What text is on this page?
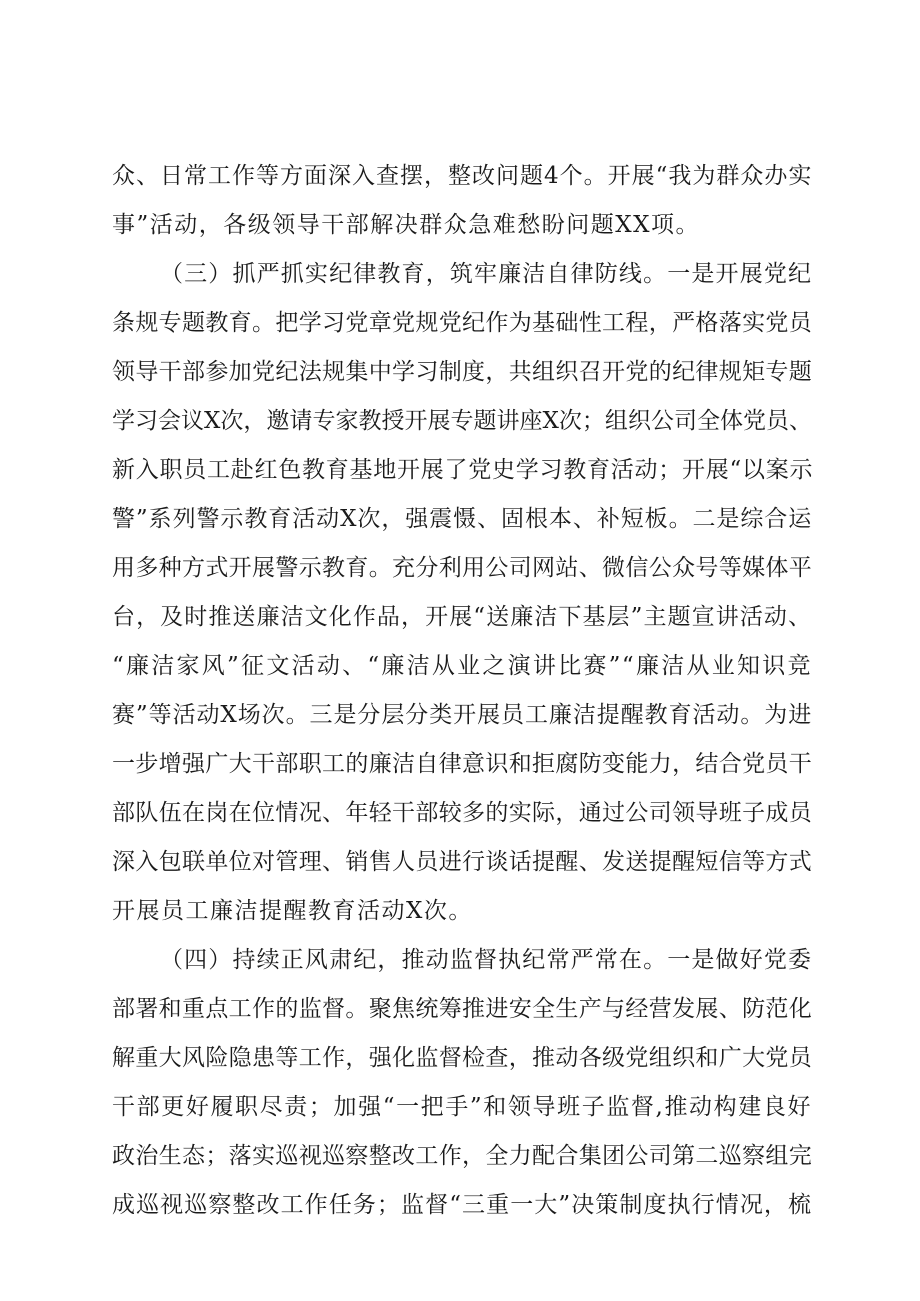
众、日常工作等方面深入查摆，整改问题4个。开展“我为群众办实
事”活动，各级领导干部解决群众急难愁盼问题XX项。
（三）抓严抓实纪律教育，筑牢廉洁自律防线。一是开展党纪
条规专题教育。把学习党章党规党纪作为基础性工程，严格落实党员
领导干部参加党纪法规集中学习制度，共组织召开党的纪律规矩专题
学习会议X次，邀请专家教授开展专题讲座X次；组织公司全体党员、
新入职员工赴红色教育基地开展了党史学习教育活动；开展“以案示
警”系列警示教育活动X次，强震慑、固根本、补短板。二是综合运
用多种方式开展警示教育。充分利用公司网站、微信公众号等媒体平
台，及时推送廉洁文化作品，开展“送廉洁下基层”主题宣讲活动、
“廉洁家风”征文活动、“廉洁从业之演讲比赛”“廉洁从业知识竞
赛”等活动X场次。三是分层分类开展员工廉洁提醒教育活动。为进
一步增强广大干部职工的廉洁自律意识和拒腐防变能力，结合党员干
部队伍在岗在位情况、年轻干部较多的实际，通过公司领导班子成员
深入包联单位对管理、销售人员进行谈话提醒、发送提醒短信等方式
开展员工廉洁提醒教育活动X次。
（四）持续正风肃纪，推动监督执纪常严常在。一是做好党委
部署和重点工作的监督。聚焦统筹推进安全生产与经营发展、防范化
解重大风险隐患等工作，强化监督检查，推动各级党组织和广大党员
干部更好履职尽责；加强“一把手”和领导班子监督,推动构建良好
政治生态；落实巡视巡察整改工作，全力配合集团公司第二巡察组完
成巡视巡察整改工作任务；监督“三重一大”决策制度执行情况，梳
